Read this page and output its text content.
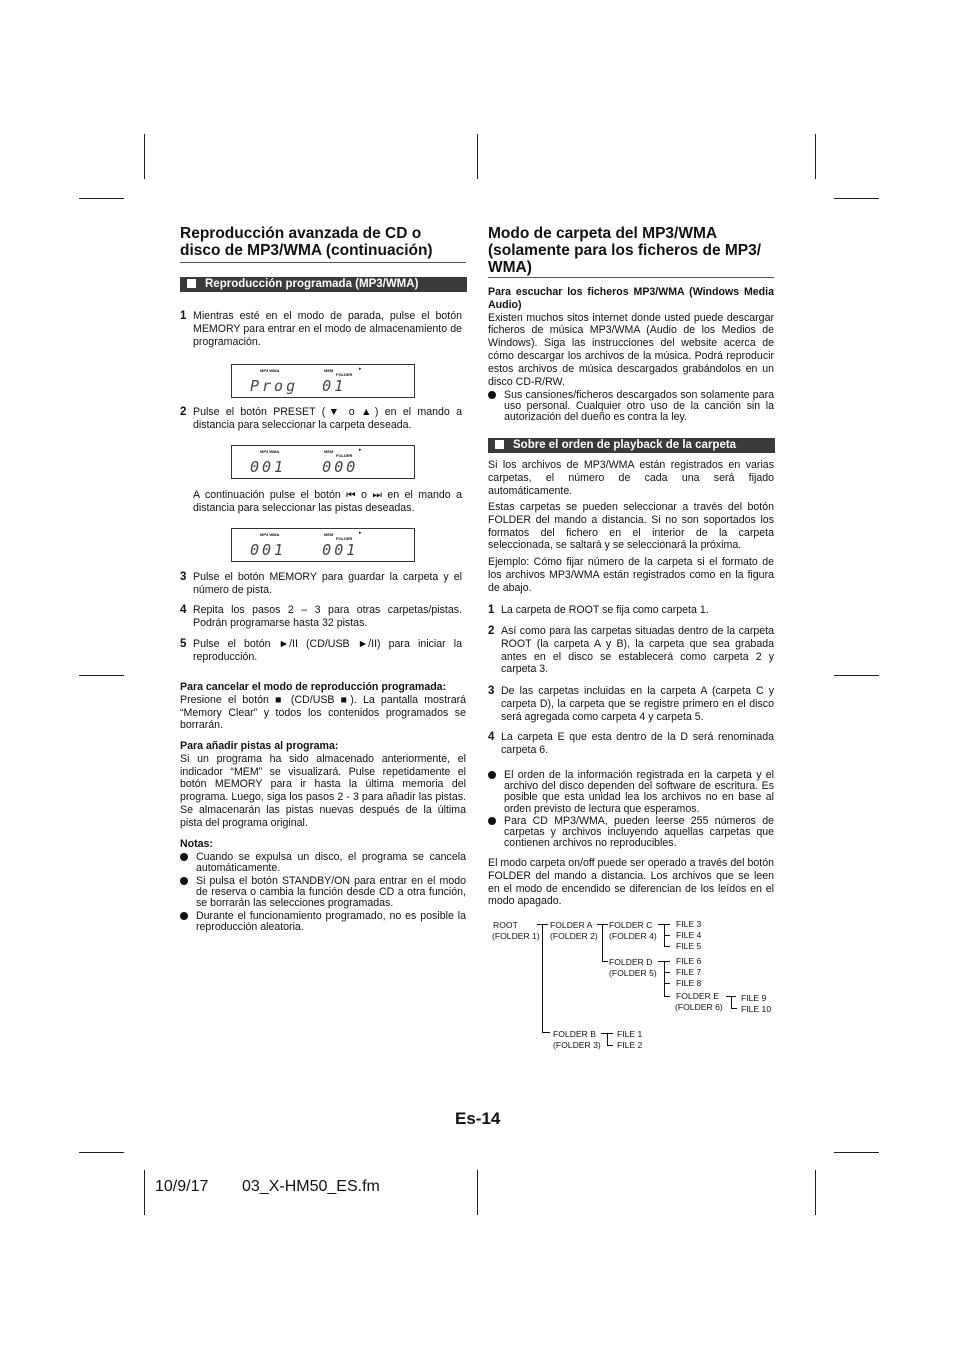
Reproducción avanzada de CD o
disco de MP3/WMA (continuación)
Reproducción programada (MP3/WMA)
1 Mientras esté en el modo de parada, pulse el botón MEMORY para entrar en el modo de almacenamiento de programación.
MP3 WMA	MEM
FOLDER
▸
Prog  01
2 Pulse el botón PRESET (▼ o ▲) en el mando a distancia para seleccionar la carpeta deseada.
MP3 WMA	MEM
FOLDER
▸
001   000
A continuación pulse el botón ⏮ o ⏭ en el mando a distancia para seleccionar las pistas deseadas.
MP3 WMA	MEM
FOLDER
▸
001   001
3 Pulse el botón MEMORY para guardar la carpeta y el número de pista.
4 Repita los pasos 2 – 3 para otras carpetas/pistas. Podrán programarse hasta 32 pistas.
5 Pulse el botón ►/II (CD/USB ►/II) para iniciar la reproducción.
Para cancelar el modo de reproducción programada:
Presione el botón ■ (CD/USB ■). La pantalla mostrará “Memory Clear” y todos los contenidos programados se borrarán.
Para añadir pistas al programa:
Si un programa ha sido almacenado anteriormente, el indicador “MEM” se visualizará. Pulse repetidamente el botón MEMORY para ir hasta la última memoria del programa. Luego, siga los pasos 2 - 3 para añadir las pistas. Se almacenarán las pistas nuevas después de la última pista del programa original.
Notas:
Cuando se expulsa un disco, el programa se cancela automáticamente.
Si pulsa el botón STANDBY/ON para entrar en el modo de reserva o cambia la función desde CD a otra función, se borrarán las selecciones programadas.
Durante el funcionamiento programado, no es posible la reproducción aleatoria.
Modo de carpeta del MP3/WMA
(solamente para los ficheros de MP3/
WMA)
Para escuchar los ficheros MP3/WMA (Windows Media Audio)
Existen muchos sitos internet donde usted puede descargar ficheros de música MP3/WMA (Audio de los Medios de Windows). Siga las instrucciones del website acerca de cómo descargar los archivos de la música. Podrá reproducir estos archivos de música descargados grabándolos en un disco CD-R/RW.
Sus cansiones/ficheros descargados son solamente para uso personal. Cualquier otro uso de la canción sin la autorización del dueño es contra la ley.
Sobre el orden de playback de la carpeta
Si los archivos de MP3/WMA están registrados en varias carpetas, el número de cada una será fijado automáticamente.
Estas carpetas se pueden seleccionar a través del botón FOLDER del mando a distancia. Si no son soportados los formatos del fichero en el interior de la carpeta seleccionada, se saltará y se seleccionará la próxima.
Ejemplo: Cómo fijar número de la carpeta si el formato de los archivos MP3/WMA están registrados como en la figura de abajo.
1 La carpeta de ROOT se fija como carpeta 1.
2 Así como para las carpetas situadas dentro de la carpeta ROOT (la carpeta A y B), la carpeta que sea grabada antes en el disco se establecerá como carpeta 2 y carpeta 3.
3 De las carpetas incluidas en la carpeta A (carpeta C y carpeta D), la carpeta que se registre primero en el disco será agregada como carpeta 4 y carpeta 5.
4 La carpeta E que esta dentro de la D será renominada carpeta 6.
El orden de la información registrada en la carpeta y el archivo del disco dependen del software de escritura. Es posible que esta unidad lea los archivos no en base al orden previsto de lectura que esperamos.
Para CD MP3/WMA, pueden leerse 255 números de carpetas y archivos incluyendo aquellas carpetas que contienen archivos no reproducibles.
El modo carpeta on/off puede ser operado a través del botón FOLDER del mando a distancia. Los archivos que se leen en el modo de encendido se diferencian de los leídos en el modo apagado.
ROOT
(FOLDER 1)
FOLDER A
(FOLDER 2)
FOLDER C
(FOLDER 4)
FILE 3
FILE 4
FILE 5
FOLDER D
(FOLDER 5)
FILE 6
FILE 7
FILE 8
FOLDER E
(FOLDER 6)
FILE 9
FILE 10
FOLDER B
(FOLDER 3)
FILE 1
FILE 2
Es-14
10/9/17 03_X-HM50_ES.fm
